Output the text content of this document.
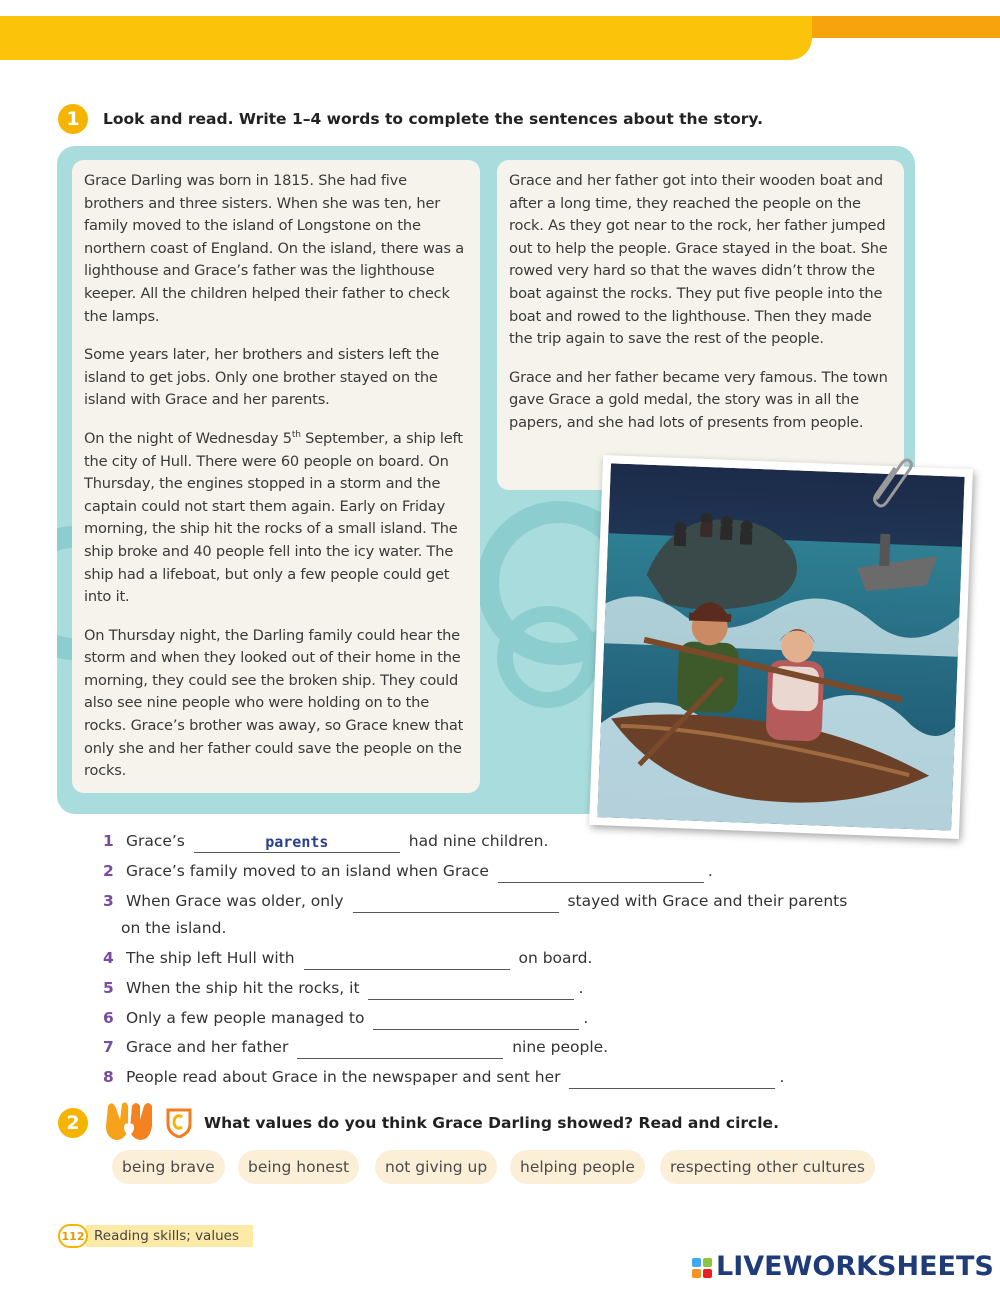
1	Look and read. Write 1–4 words to complete the sentences about the story.

Grace Darling was born in 1815. She had five brothers and three sisters. When she was ten, her family moved to the island of Longstone on the northern coast of England. On the island, there was a lighthouse and Grace’s father was the lighthouse keeper. All the children helped their father to check the lamps.

Some years later, her brothers and sisters left the island to get jobs. Only one brother stayed on the island with Grace and her parents.

On the night of Wednesday 5th September, a ship left the city of Hull. There were 60 people on board. On Thursday, the engines stopped in a storm and the captain could not start them again. Early on Friday morning, the ship hit the rocks of a small island. The ship broke and 40 people fell into the icy water. The ship had a lifeboat, but only a few people could get into it.

On Thursday night, the Darling family could hear the storm and when they looked out of their home in the morning, they could see the broken ship. They could also see nine people who were holding on to the rocks. Grace’s brother was away, so Grace knew that only she and her father could save the people on the rocks.

Grace and her father got into their wooden boat and after a long time, they reached the people on the rock. As they got near to the rock, her father jumped out to help the people. Grace stayed in the boat. She rowed very hard so that the waves didn’t throw the boat against the rocks. They put five people into the boat and rowed to the lighthouse. Then they made the trip again to save the rest of the people.

Grace and her father became very famous. The town gave Grace a gold medal, the story was in all the papers, and she had lots of presents from people.

1 Grace’s	parents	had nine children.
2 Grace’s family moved to an island when Grace	.
3 When Grace was older, only	stayed with Grace and their parents
on the island.
4 The ship left Hull with	on board.
5 When the ship hit the rocks, it	.
6 Only a few people managed to	.
7 Grace and her father	nine people.
8 People read about Grace in the newspaper and sent her	.
2	What values do you think Grace Darling showed? Read and circle.
being brave	being honest	not giving up	helping people	respecting other cultures
Reading skills; values
112
LIVEWORKSHEETS
